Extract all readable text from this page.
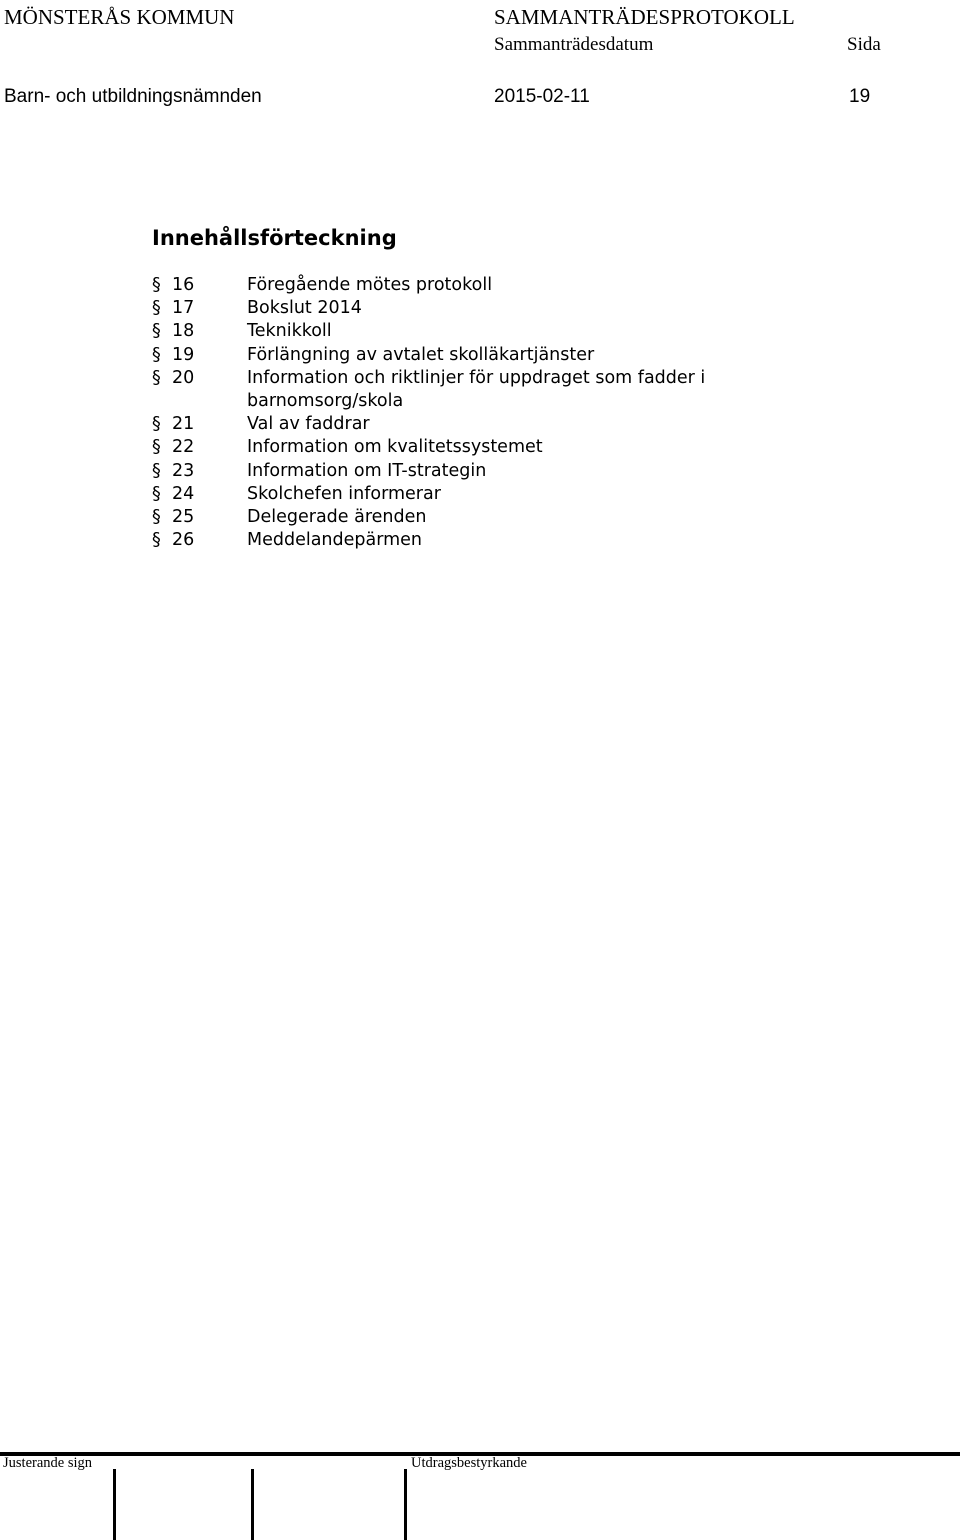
MÖNSTERÅS KOMMUN	SAMMANTRÄDESPROTOKOLL
Sammanträdesdatum	Sida
Barn- och utbildningsnämnden	2015-02-11	19
Innehållsförteckning
§ 16	Föregående mötes protokoll
§ 17	Bokslut 2014
§ 18	Teknikkoll
§ 19	Förlängning av avtalet skolläkartjänster
§ 20	Information och riktlinjer för uppdraget som fadder i barnomsorg/skola
§ 21	Val av faddrar
§ 22	Information om kvalitetssystemet
§ 23	Information om IT-strategin
§ 24	Skolchefen informerar
§ 25	Delegerade ärenden
§ 26	Meddelandepärmen
Justerande sign	Utdragsbestyrkande
